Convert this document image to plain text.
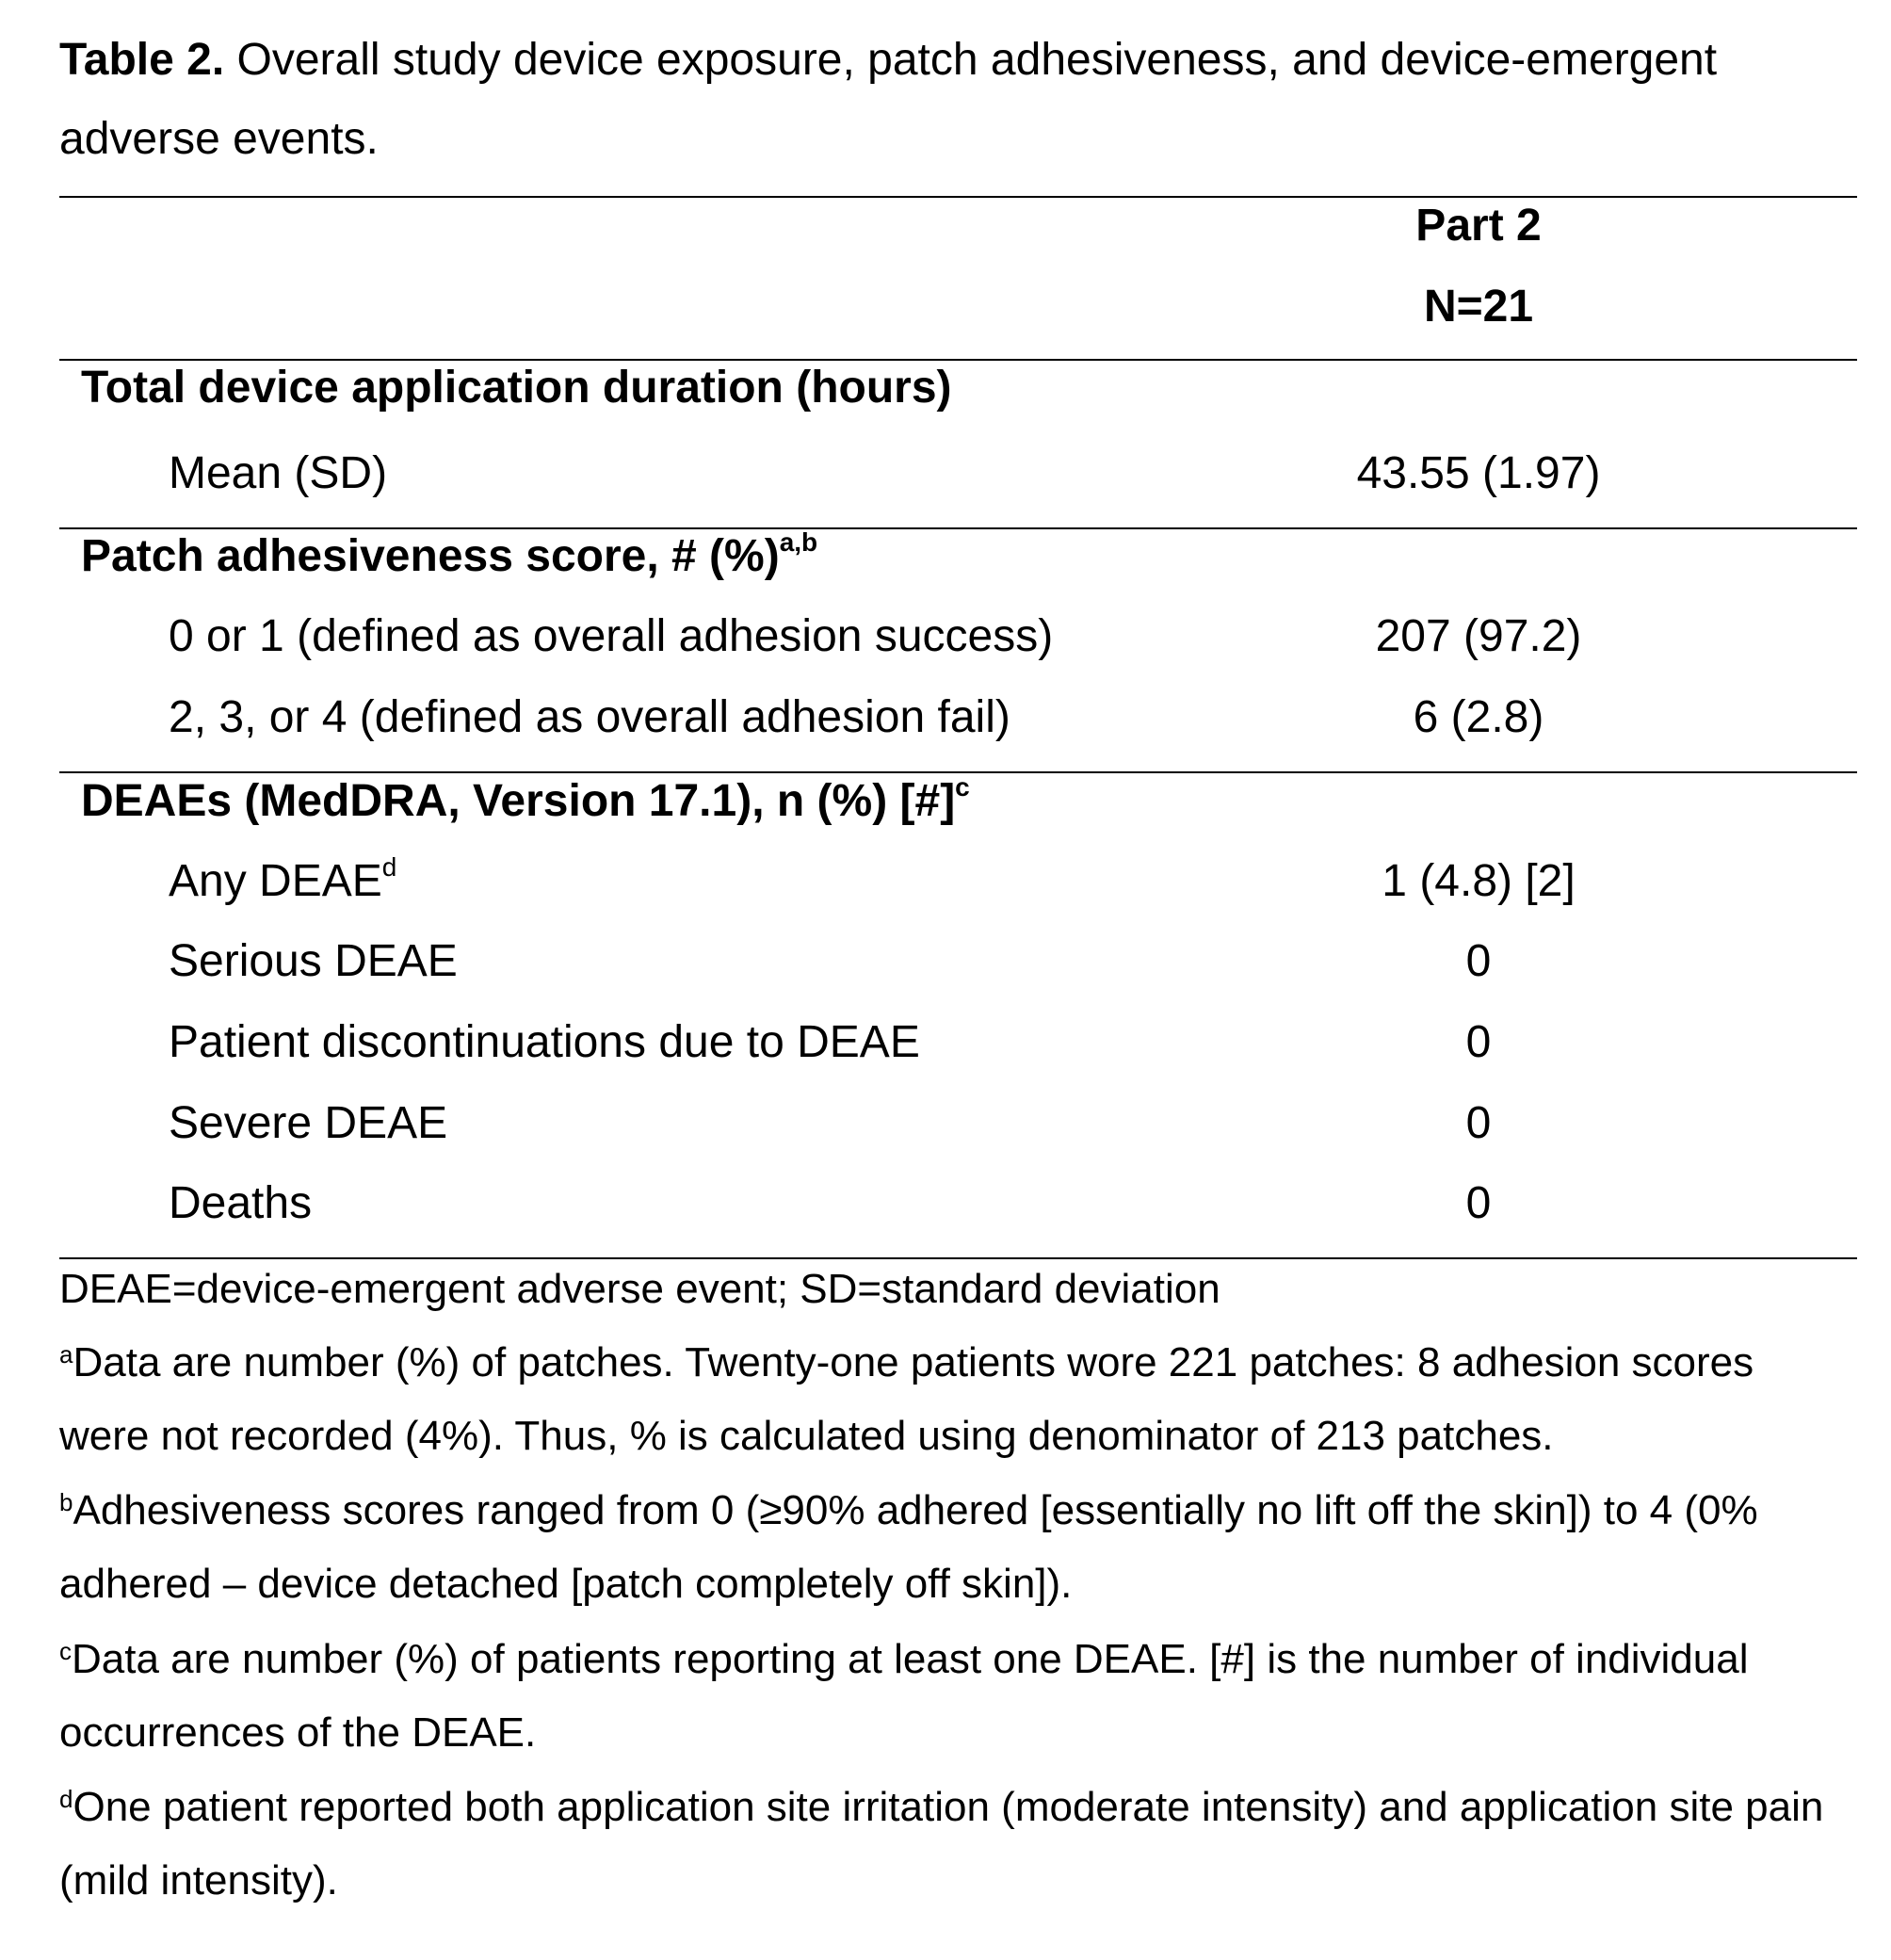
Table 2. Overall study device exposure, patch adhesiveness, and device-emergent adverse events.
Part 2
N=21
Total device application duration (hours)
Mean (SD)	43.55 (1.97)
Patch adhesiveness score, # (%)$^{a,b}$
0 or 1 (defined as overall adhesion success)	207 (97.2)
2, 3, or 4 (defined as overall adhesion fail)	6 (2.8)
DEAEs (MedDRA, Version 17.1), n (%) [#]$^c$
Any DEAE$^d$	1 (4.8) [2]
Serious DEAE	0
Patient discontinuations due to DEAE	0
Severe DEAE	0
Deaths	0
DEAE=device-emergent adverse event; SD=standard deviation
$^a$Data are number (%) of patches. Twenty-one patients wore 221 patches: 8 adhesion scores were not recorded (4%). Thus, % is calculated using denominator of 213 patches.
$^b$Adhesiveness scores ranged from 0 (≥90% adhered [essentially no lift off the skin]) to 4 (0% adhered – device detached [patch completely off skin]).
$^c$Data are number (%) of patients reporting at least one DEAE. [#] is the number of individual occurrences of the DEAE.
$^d$One patient reported both application site irritation (moderate intensity) and application site pain (mild intensity).
